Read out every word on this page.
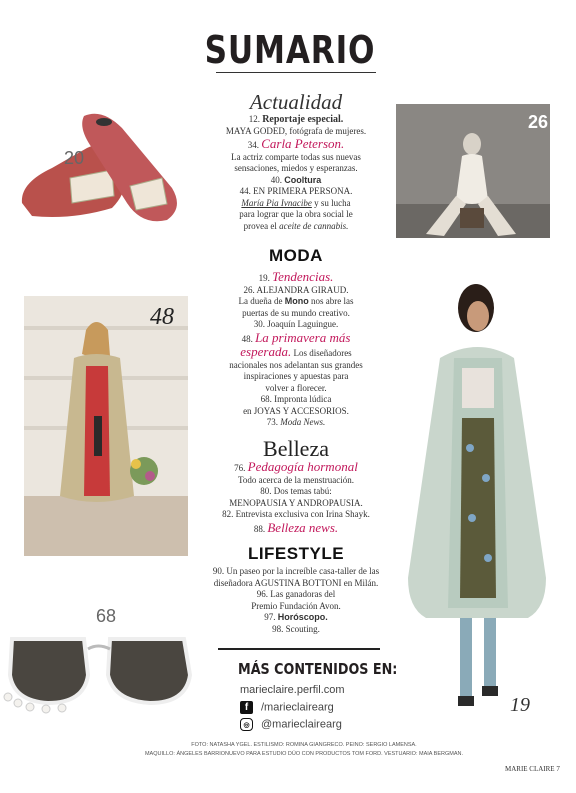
SUMARIO
20
26
48
68
19
Actualidad

12. Reportaje especial.

MAYA GODED, fotógrafa de mujeres.

34. Carla Peterson.

La actriz comparte todas sus nuevas

sensaciones, miedos y esperanzas.

40. Cooltura

44. EN PRIMERA PERSONA.

María Pia Ivnacibe y su lucha

para lograr que la obra social le

provea el aceite de cannabis.

MODA

19. Tendencias.

26. ALEJANDRA GIRAUD.

La dueña de Mono nos abre las

puertas de su mundo creativo.

30. Joaquín Laguingue.

48. La primavera más

esperada. Los diseñadores

nacionales nos adelantan sus grandes

inspiraciones y apuestas para

volver a florecer.

68. Impronta lúdica

en JOYAS Y ACCESORIOS.

73. Moda News.

Belleza

76. Pedagogía hormonal

Todo acerca de la menstruación.

80. Dos temas tabú:

MENOPAUSIA Y ANDROPAUSIA.

82. Entrevista exclusiva con Irina Shayk.

88. Belleza news.

LIFESTYLE

90. Un paseo por la increíble casa-taller de las

diseñadora AGUSTINA BOTTONI en Milán.

96. Las ganadoras del

Premio Fundación Avon.

97. Horóscopo.

98. Scouting.

MÁS CONTENIDOS EN:
marieclaire.perfil.com
f /marieclairearg
◎ @marieclairearg
FOTO: NATASHA YGEL. ESTILISMO: ROMINA GIANGRECO. PEINO: SERGIO LAMENSA.
MAQUILLO: ÁNGELES BARRIONUEVO PARA ESTUDIO DÚO CON PRODUCTOS TOM FORD. VESTUARIO: MAIA BERGMAN.
MARIE CLAIRE 7
